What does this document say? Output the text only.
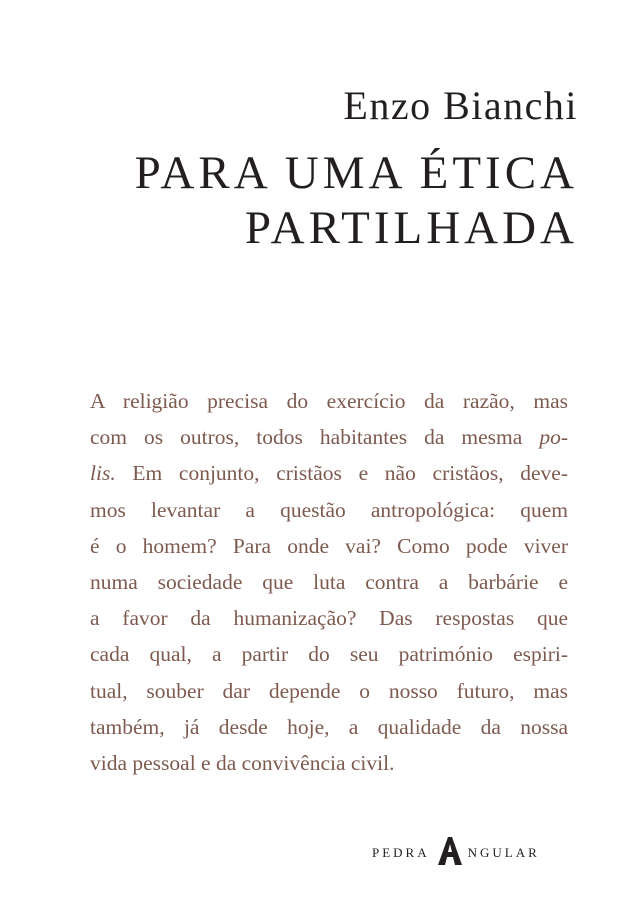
Enzo Bianchi
PARA UMA ÉTICA
PARTILHADA
A religião precisa do exercício da razão, mas
com os outros, todos habitantes da mesma po-
lis. Em conjunto, cristãos e não cristãos, deve-
mos levantar a questão antropológica: quem
é o homem? Para onde vai? Como pode viver
numa sociedade que luta contra a barbárie e
a favor da humanização? Das respostas que
cada qual, a partir do seu património espiri-
tual, souber dar depende o nosso futuro, mas
também, já desde hoje, a qualidade da nossa
vida pessoal e da convivência civil.
PEDRA	NGULAR
